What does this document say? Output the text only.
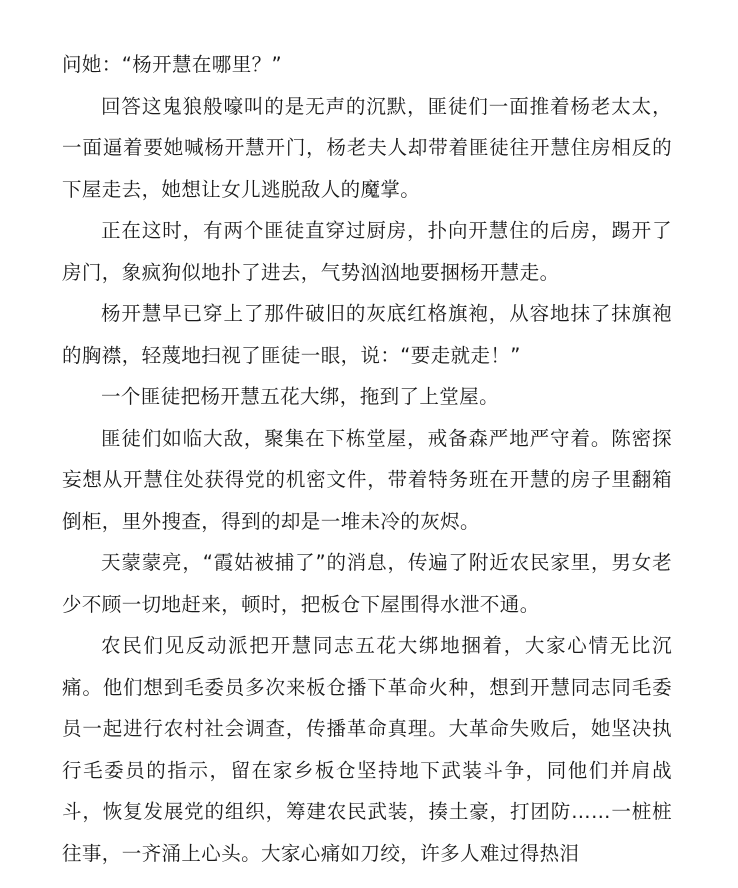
问她：“杨开慧在哪里？”

回答这鬼狼般嚎叫的是无声的沉默，匪徒们一面推着杨老太太，一面逼着要她喊杨开慧开门，杨老夫人却带着匪徒往开慧住房相反的下屋走去，她想让女儿逃脱敌人的魔掌。

正在这时，有两个匪徒直穿过厨房，扑向开慧住的后房，踢开了房门，象疯狗似地扑了进去，气势汹汹地要捆杨开慧走。

杨开慧早已穿上了那件破旧的灰底红格旗袍，从容地抹了抹旗袍的胸襟，轻蔑地扫视了匪徒一眼，说：“要走就走！”

一个匪徒把杨开慧五花大绑，拖到了上堂屋。

匪徒们如临大敌，聚集在下栋堂屋，戒备森严地严守着。陈密探妄想从开慧住处获得党的机密文件，带着特务班在开慧的房子里翻箱倒柜，里外搜查，得到的却是一堆未冷的灰烬。

天蒙蒙亮，“霞姑被捕了”的消息，传遍了附近农民家里，男女老少不顾一切地赶来，顿时，把板仓下屋围得水泄不通。

农民们见反动派把开慧同志五花大绑地捆着，大家心情无比沉痛。他们想到毛委员多次来板仓播下革命火种，想到开慧同志同毛委员一起进行农村社会调查，传播革命真理。大革命失败后，她坚决执行毛委员的指示，留在家乡板仓坚持地下武装斗争，同他们并肩战斗，恢复发展党的组织，筹建农民武装，揍土豪，打团防……一桩桩往事，一齐涌上心头。大家心痛如刀绞，许多人难过得热泪
